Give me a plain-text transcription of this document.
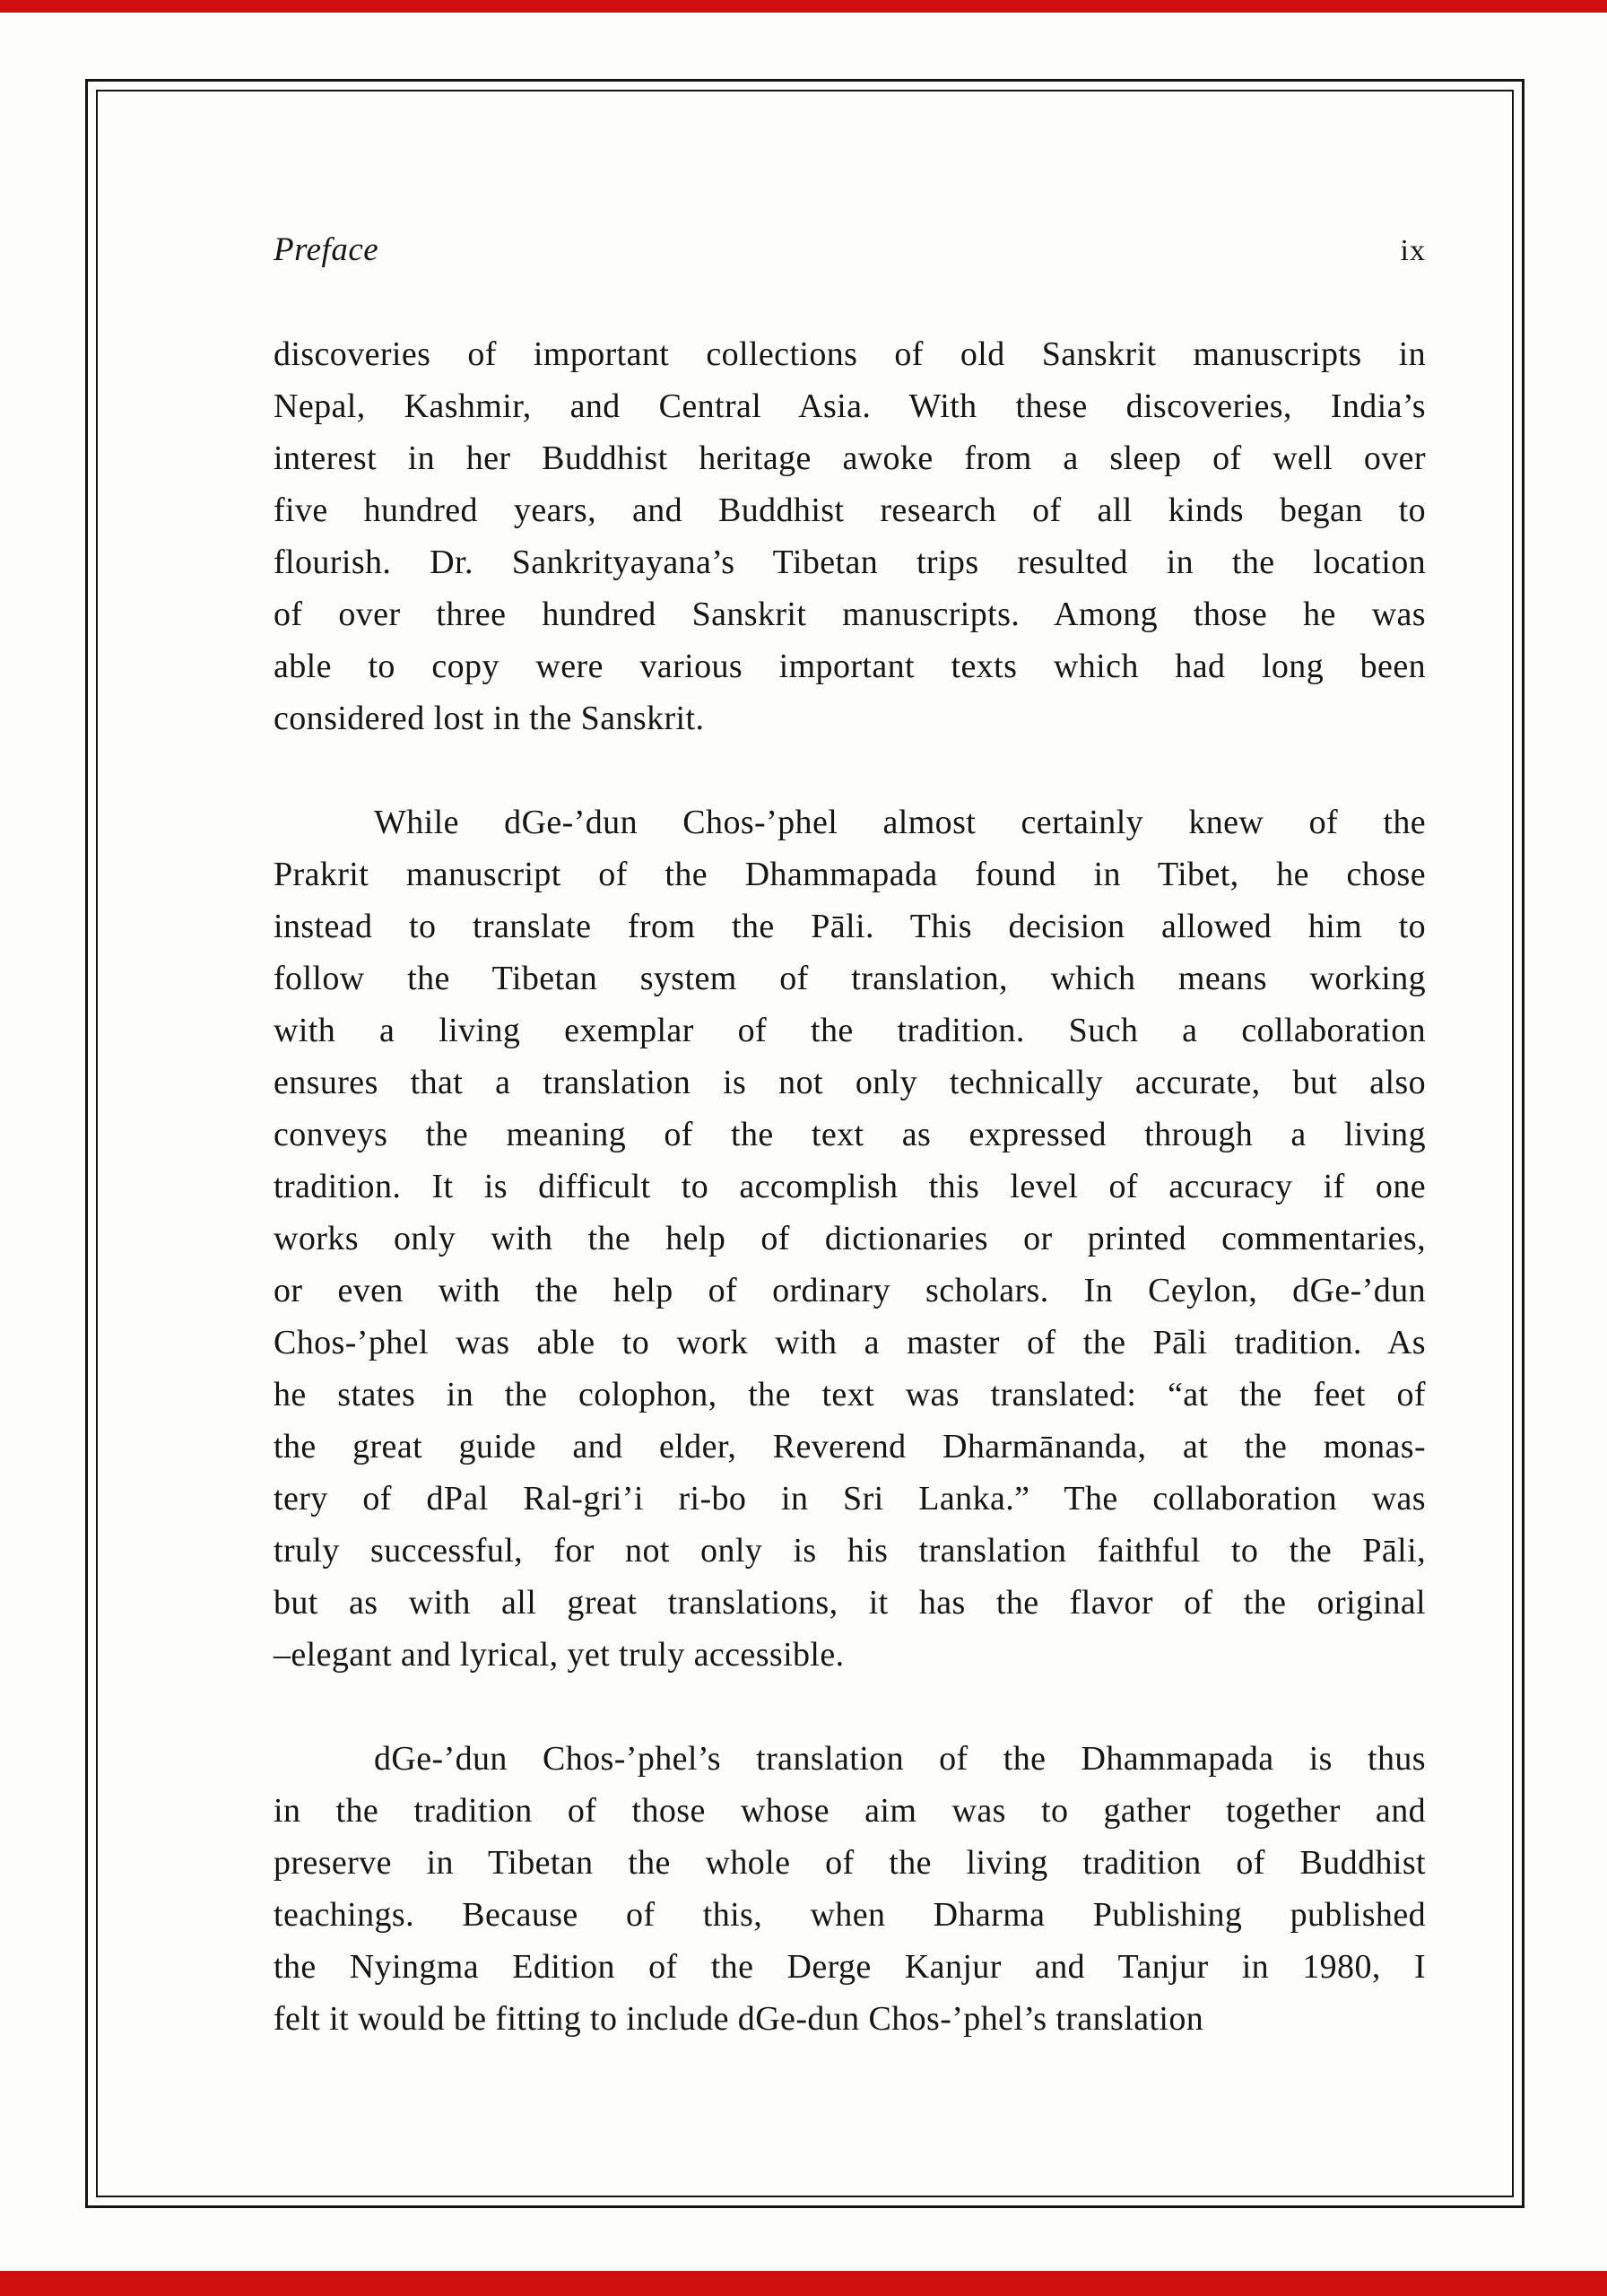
Preface	ix
discoveries of important collections of old Sanskrit manuscripts in
Nepal, Kashmir, and Central Asia. With these discoveries, India’s
interest in her Buddhist heritage awoke from a sleep of well over
five hundred years, and Buddhist research of all kinds began to
flourish. Dr. Sankrityayana’s Tibetan trips resulted in the location
of over three hundred Sanskrit manuscripts. Among those he was
able to copy were various important texts which had long been
considered lost in the Sanskrit.
While dGe-’dun Chos-’phel almost certainly knew of the
Prakrit manuscript of the Dhammapada found in Tibet, he chose
instead to translate from the Pāli. This decision allowed him to
follow the Tibetan system of translation, which means working
with a living exemplar of the tradition. Such a collaboration
ensures that a translation is not only technically accurate, but also
conveys the meaning of the text as expressed through a living
tradition. It is difficult to accomplish this level of accuracy if one
works only with the help of dictionaries or printed commentaries,
or even with the help of ordinary scholars. In Ceylon, dGe-’dun
Chos-’phel was able to work with a master of the Pāli tradition. As
he states in the colophon, the text was translated: “at the feet of
the great guide and elder, Reverend Dharmānanda, at the monas-
tery of dPal Ral-gri’i ri-bo in Sri Lanka.” The collaboration was
truly successful, for not only is his translation faithful to the Pāli,
but as with all great translations, it has the flavor of the original
–elegant and lyrical, yet truly accessible.
dGe-’dun Chos-’phel’s translation of the Dhammapada is thus
in the tradition of those whose aim was to gather together and
preserve in Tibetan the whole of the living tradition of Buddhist
teachings. Because of this, when Dharma Publishing published
the Nyingma Edition of the Derge Kanjur and Tanjur in 1980, I
felt it would be fitting to include dGe-dun Chos-’phel’s translation
